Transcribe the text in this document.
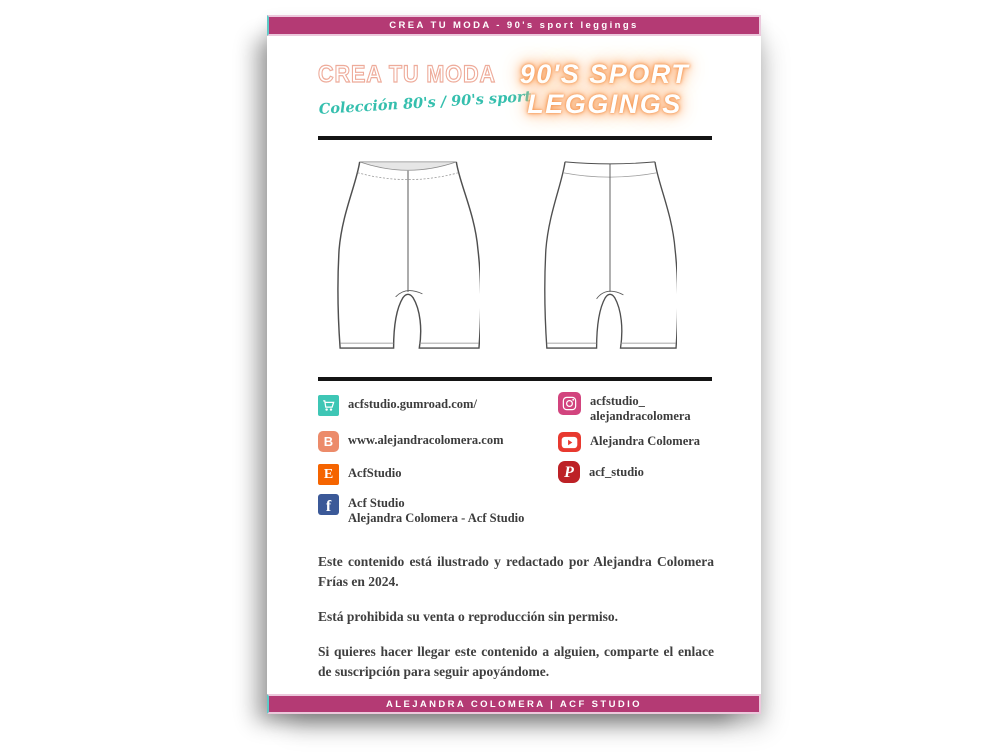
CREA TU MODA - 90's sport leggings
CREA TU MODA
Colección 80's / 90's sport
90'S SPORT
LEGGINGS
acfstudio.gumroad.com/
B www.alejandracolomera.com
E AcfStudio
f Acf Studio
Alejandra Colomera - Acf Studio
acfstudio_
alejandracolomera
Alejandra Colomera
P acf_studio

Este contenido está ilustrado y redactado por Alejandra Colomera Frías en 2024.

Está prohibida su venta o reproducción sin permiso.

Si quieres hacer llegar este contenido a alguien, comparte el enlace de suscripción para seguir apoyándome.

ALEJANDRA COLOMERA | ACF STUDIO
